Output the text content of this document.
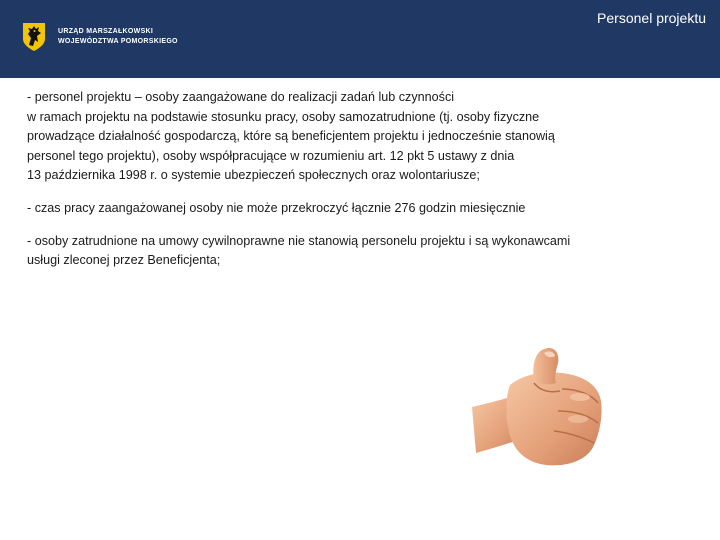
URZĄD MARSZAŁKOWSKI
WOJEWÓDZTWA POMORSKIEGO
Personel projektu

- personel projektu – osoby zaangażowane do realizacji zadań lub czynności
w ramach projektu na podstawie stosunku pracy, osoby samozatrudnione (tj. osoby fizyczne
prowadzące działalność gospodarczą, które są beneficjentem projektu i jednocześnie stanowią
personel tego projektu), osoby współpracujące w rozumieniu art. 12 pkt 5 ustawy z dnia
13 października 1998 r. o systemie ubezpieczeń społecznych oraz wolontariusze;

- czas pracy zaangażowanej osoby nie może przekroczyć łącznie 276 godzin miesięcznie

- osoby zatrudnione na umowy cywilnoprawne nie stanowią personelu projektu i są wykonawcami
usługi zleconej przez Beneficjenta;
